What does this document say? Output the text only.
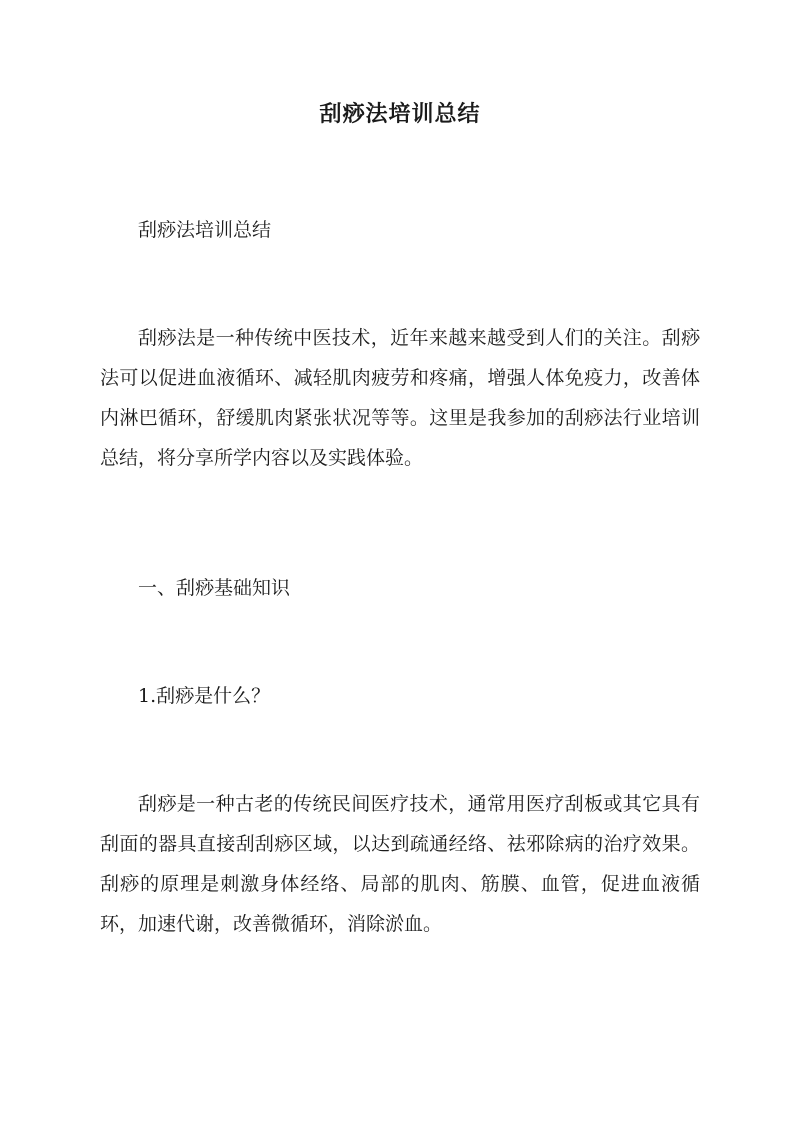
刮痧法培训总结
刮痧法培训总结
刮痧法是一种传统中医技术，近年来越来越受到人们的关注。刮痧法可以促进血液循环、减轻肌肉疲劳和疼痛，增强人体免疫力，改善体内淋巴循环，舒缓肌肉紧张状况等等。这里是我参加的刮痧法行业培训总结，将分享所学内容以及实践体验。
一、刮痧基础知识
1.刮痧是什么？
刮痧是一种古老的传统民间医疗技术，通常用医疗刮板或其它具有刮面的器具直接刮刮痧区域，以达到疏通经络、祛邪除病的治疗效果。刮痧的原理是刺激身体经络、局部的肌肉、筋膜、血管，促进血液循环，加速代谢，改善微循环，消除淤血。
